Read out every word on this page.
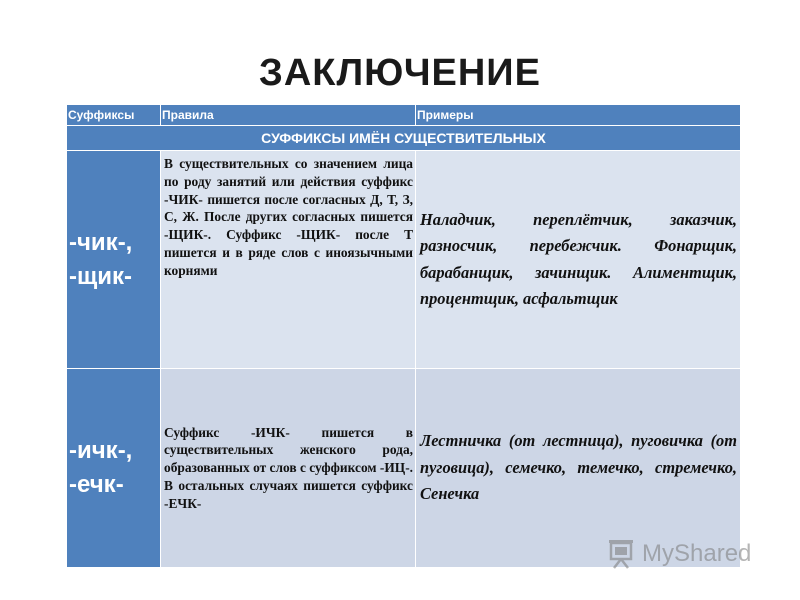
ЗАКЛЮЧЕНИЕ
Суффиксы	Правила	Примеры
СУФФИКСЫ ИМЁН СУЩЕСТВИТЕЛЬНЫХ		
-чик-, -щик-	В существительных со значением лица по роду занятий или действия суффикс -ЧИК- пишется после согласных Д, Т, З, С, Ж. После других согласных пишется -ЩИК-. Суффикс -ЩИК- после Т пишется и в ряде слов с иноязычными корнями	Наладчик, переплётчик, заказчик, разносчик, перебежчик. Фонарщик, барабанщик, зачинщик. Алиментщик, процентщик, асфальтщик
-ичк-, -ечк-	Суффикс -ИЧК- пишется в существительных женского рода, образованных от слов с суффиксом -ИЦ-. В остальных случаях пишется суффикс -ЕЧК-	Лестничка (от лестница), пуговичка (от пуговица), семечко, темечко, стремечко, Сенечка
MyShared
